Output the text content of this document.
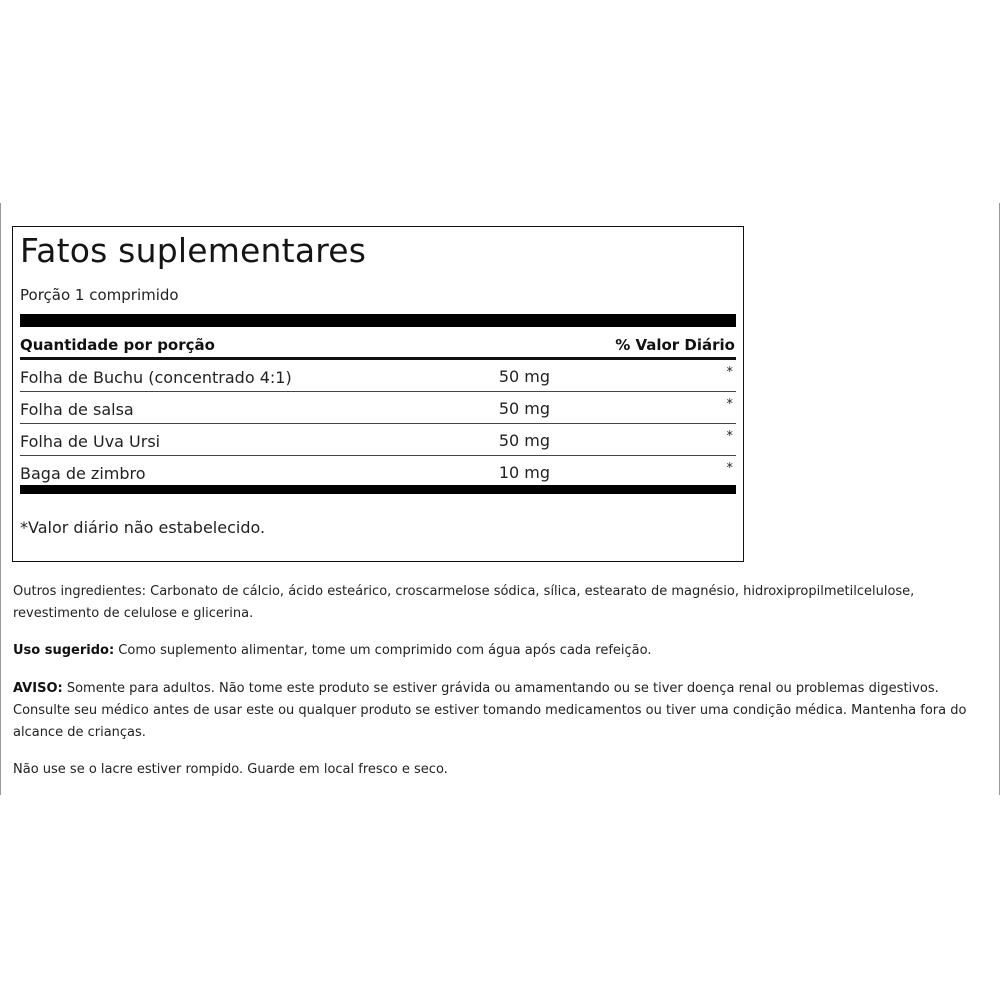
Fatos suplementares
Porção 1 comprimido
Quantidade por porção	% Valor Diário
Folha de Buchu (concentrado 4:1)	50 mg	*
Folha de salsa	50 mg	*
Folha de Uva Ursi	50 mg	*
Baga de zimbro	10 mg	*
*Valor diário não estabelecido.

Outros ingredientes: Carbonato de cálcio, ácido esteárico, croscarmelose sódica, sílica, estearato de magnésio, hidroxipropilmetilcelulose, revestimento de celulose e glicerina.

Uso sugerido: Como suplemento alimentar, tome um comprimido com água após cada refeição.

AVISO: Somente para adultos. Não tome este produto se estiver grávida ou amamentando ou se tiver doença renal ou problemas digestivos. Consulte seu médico antes de usar este ou qualquer produto se estiver tomando medicamentos ou tiver uma condição médica. Mantenha fora do alcance de crianças.

Não use se o lacre estiver rompido. Guarde em local fresco e seco.
